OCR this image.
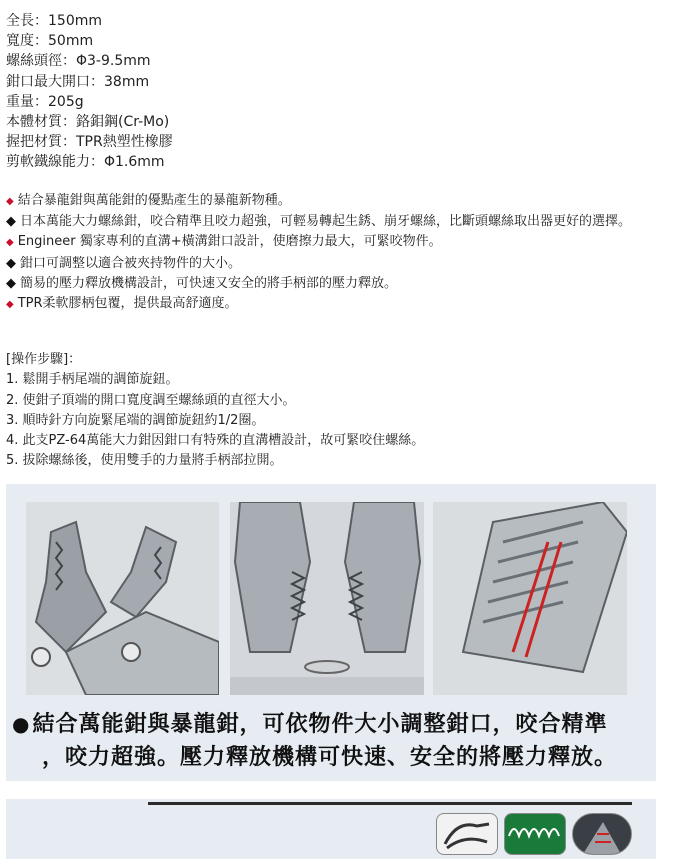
全長：150mm
寬度：50mm
螺絲頭徑：Φ3-9.5mm
鉗口最大開口：38mm
重量：205g
本體材質：鉻鉬鋼(Cr-Mo)
握把材質：TPR熱塑性橡膠
剪軟鐵線能力：Φ1.6mm
◆ 結合暴龍鉗與萬能鉗的優點產生的暴龍新物種。
◆ 日本萬能大力螺絲鉗，咬合精準且咬力超強，可輕易轉起生銹、崩牙螺絲，比斷頭螺絲取出器更好的選擇。
◆ Engineer 獨家專利的直溝+橫溝鉗口設計，使磨擦力最大，可緊咬物件。
◆ 鉗口可調整以適合被夾持物件的大小。
◆ 簡易的壓力釋放機構設計，可快速又安全的將手柄部的壓力釋放。
◆ TPR柔軟膠柄包覆，提供最高舒適度。
[操作步驟]：
1. 鬆開手柄尾端的調節旋鈕。
2. 使鉗子頂端的開口寬度調至螺絲頭的直徑大小。
3. 順時針方向旋緊尾端的調節旋鈕約1/2圈。
4. 此支PZ-64萬能大力鉗因鉗口有特殊的直溝槽設計，故可緊咬住螺絲。
5. 拔除螺絲後，使用雙手的力量將手柄部拉開。
●結合萬能鉗與暴龍鉗，可依物件大小調整鉗口，咬合精準
，咬力超強。壓力釋放機構可快速、安全的將壓力釋放。
